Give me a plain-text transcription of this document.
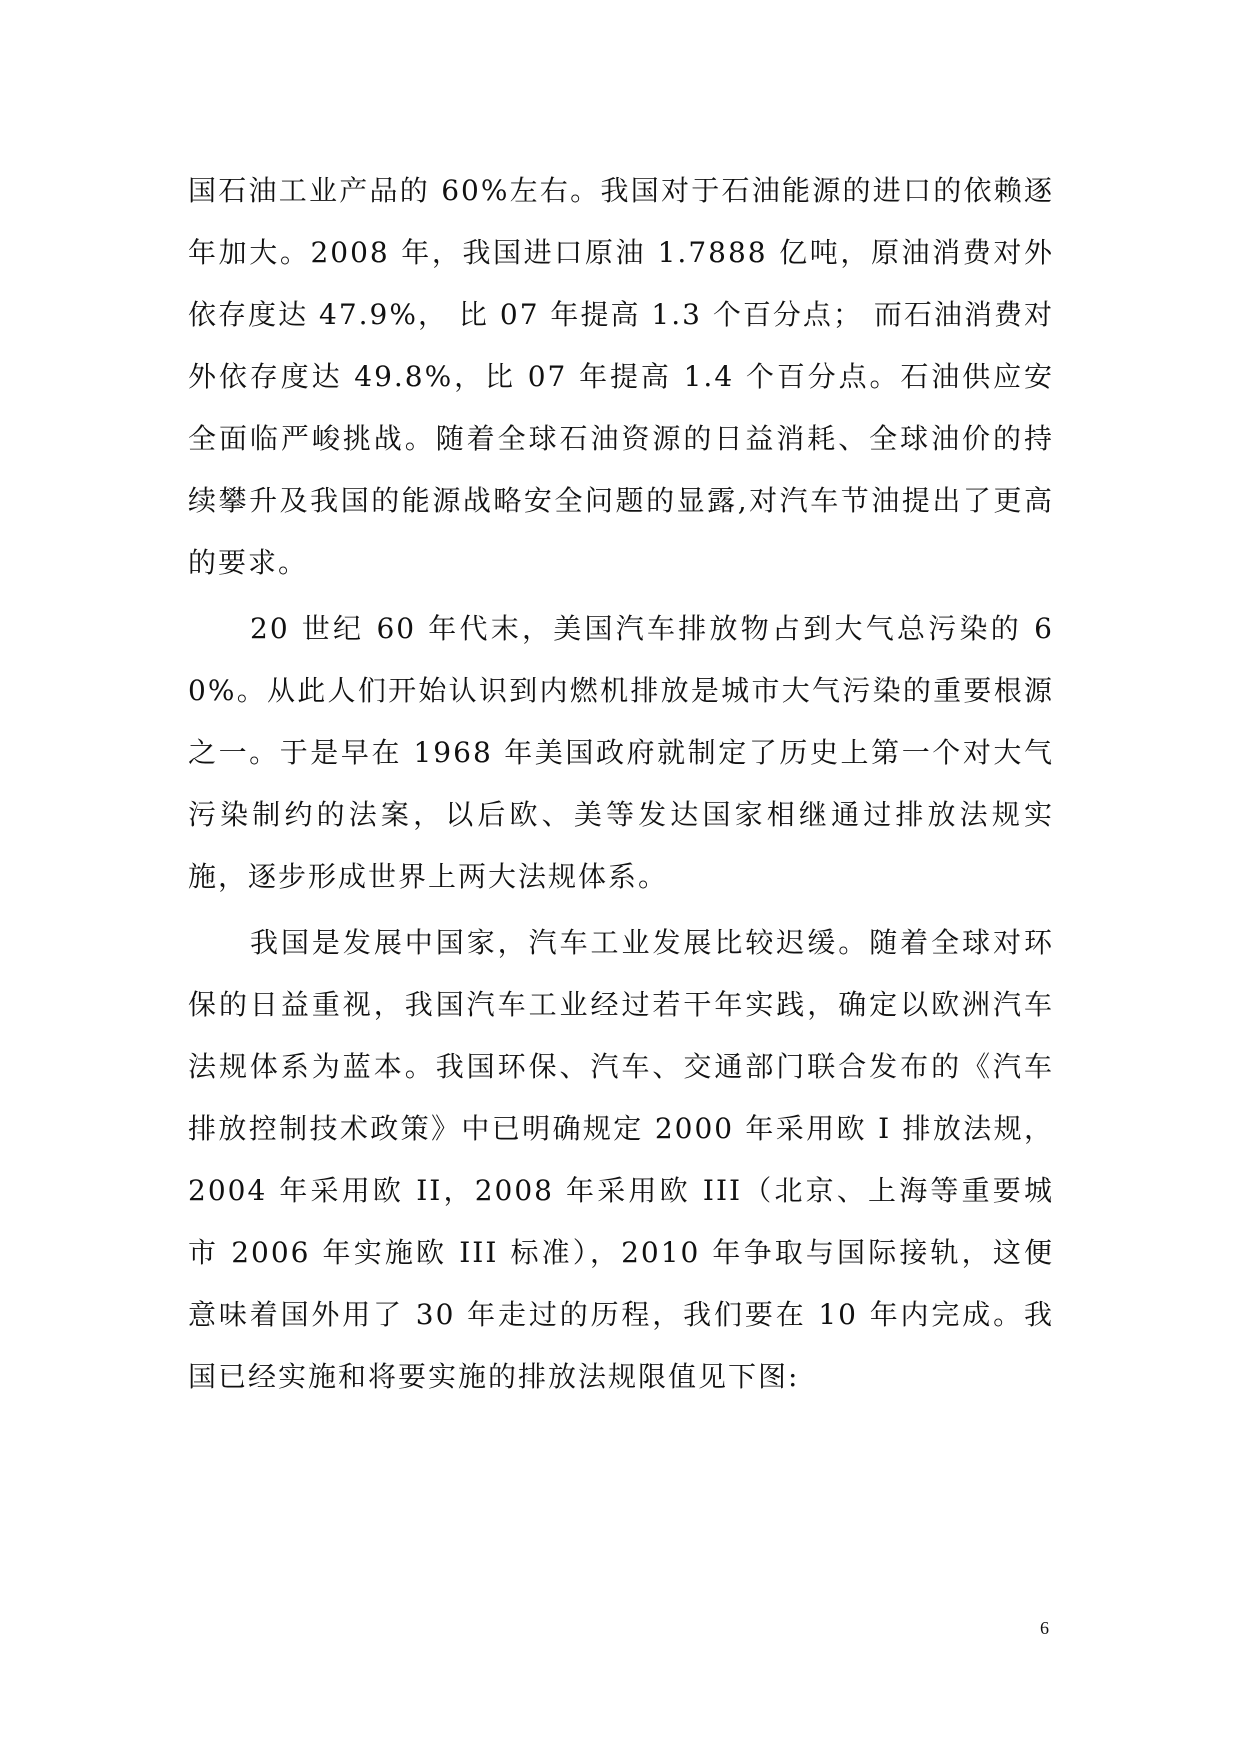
国石油工业产品的 60%左右。我国对于石油能源的进口的依赖逐年加大。2008 年，我国进口原油 1.7888 亿吨，原油消费对外依存度达 47.9%， 比 07 年提高 1.3 个百分点； 而石油消费对外依存度达 49.8%，比 07 年提高 1.4 个百分点。石油供应安全面临严峻挑战。随着全球石油资源的日益消耗、全球油价的持续攀升及我国的能源战略安全问题的显露,对汽车节油提出了更高的要求。

20 世纪 60 年代末，美国汽车排放物占到大气总污染的 60%。从此人们开始认识到内燃机排放是城市大气污染的重要根源之一。于是早在 1968 年美国政府就制定了历史上第一个对大气污染制约的法案，以后欧、美等发达国家相继通过排放法规实施，逐步形成世界上两大法规体系。

我国是发展中国家，汽车工业发展比较迟缓。随着全球对环保的日益重视，我国汽车工业经过若干年实践，确定以欧洲汽车法规体系为蓝本。我国环保、汽车、交通部门联合发布的《汽车排放控制技术政策》中已明确规定 2000 年采用欧 I 排放法规，2004 年采用欧 II，2008 年采用欧 III（北京、上海等重要城市 2006 年实施欧 III 标准），2010 年争取与国际接轨，这便意味着国外用了 30 年走过的历程，我们要在 10 年内完成。我国已经实施和将要实施的排放法规限值见下图:

6
